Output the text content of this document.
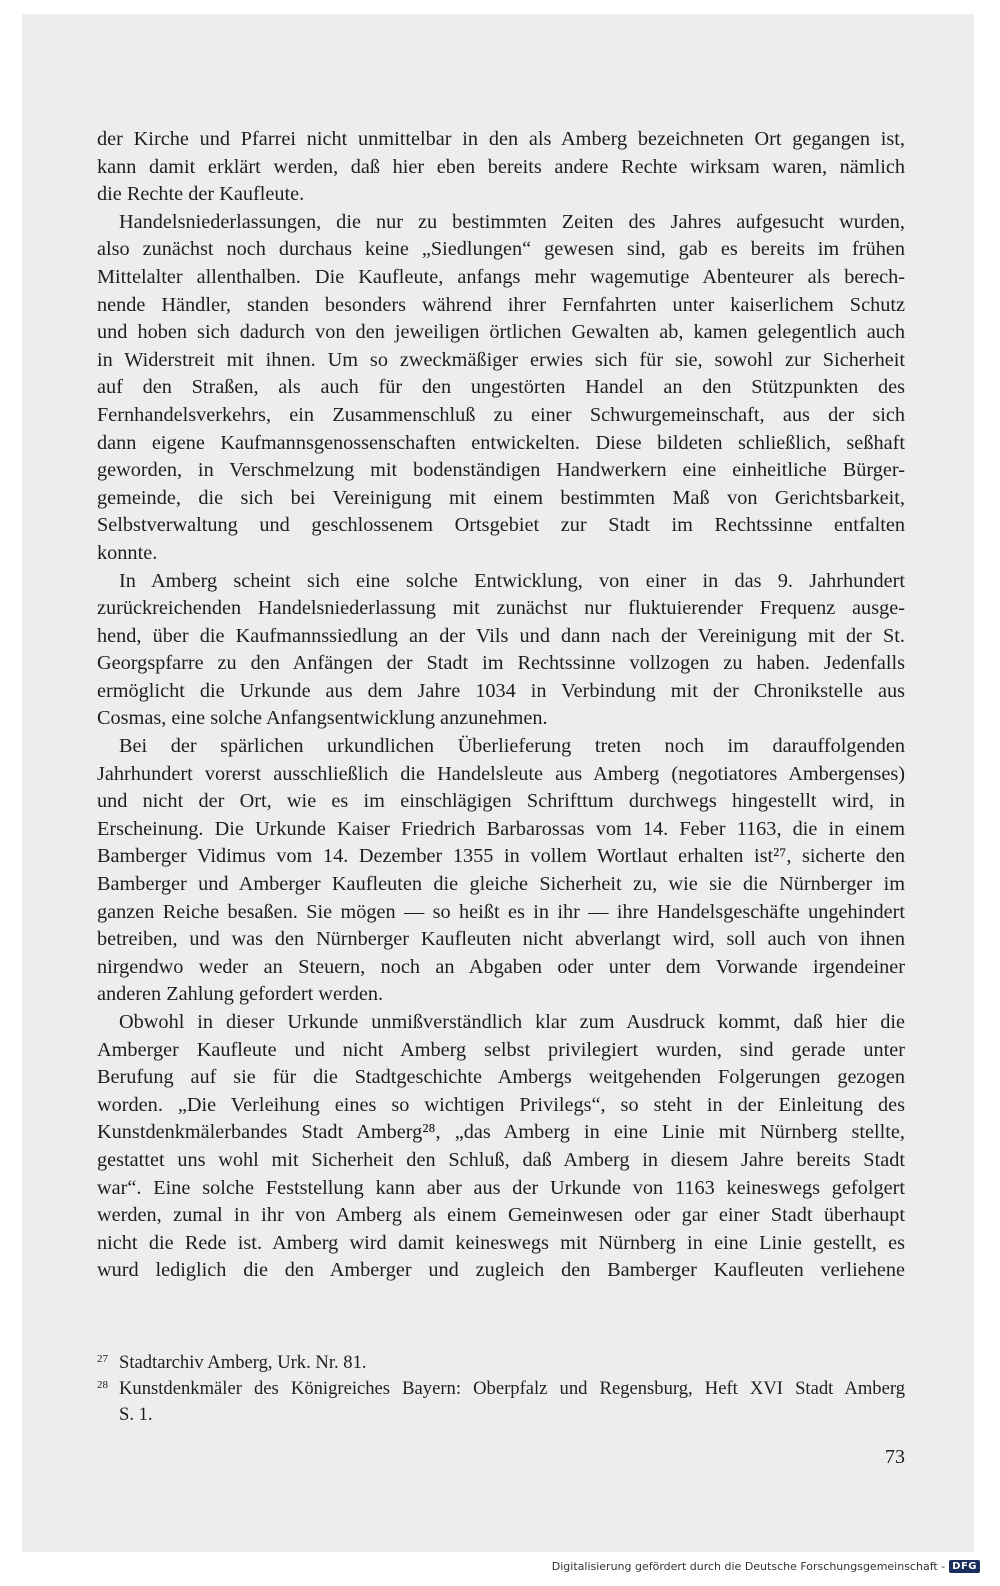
der Kirche und Pfarrei nicht unmittelbar in den als Amberg bezeichneten Ort gegangen ist,
kann damit erklärt werden, daß hier eben bereits andere Rechte wirksam waren, nämlich
die Rechte der Kaufleute.
Handelsniederlassungen, die nur zu bestimmten Zeiten des Jahres aufgesucht wurden,
also zunächst noch durchaus keine „Siedlungen“ gewesen sind, gab es bereits im frühen
Mittelalter allenthalben. Die Kaufleute, anfangs mehr wagemutige Abenteurer als berech-
nende Händler, standen besonders während ihrer Fernfahrten unter kaiserlichem Schutz
und hoben sich dadurch von den jeweiligen örtlichen Gewalten ab, kamen gelegentlich auch
in Widerstreit mit ihnen. Um so zweckmäßiger erwies sich für sie, sowohl zur Sicherheit
auf den Straßen, als auch für den ungestörten Handel an den Stützpunkten des
Fernhandelsverkehrs, ein Zusammenschluß zu einer Schwurgemeinschaft, aus der sich
dann eigene Kaufmannsgenossenschaften entwickelten. Diese bildeten schließlich, seßhaft
geworden, in Verschmelzung mit bodenständigen Handwerkern eine einheitliche Bürger-
gemeinde, die sich bei Vereinigung mit einem bestimmten Maß von Gerichtsbarkeit,
Selbstverwaltung und geschlossenem Ortsgebiet zur Stadt im Rechtssinne entfalten
konnte.
In Amberg scheint sich eine solche Entwicklung, von einer in das 9. Jahrhundert
zurückreichenden Handelsniederlassung mit zunächst nur fluktuierender Frequenz ausge-
hend, über die Kaufmannssiedlung an der Vils und dann nach der Vereinigung mit der St.
Georgspfarre zu den Anfängen der Stadt im Rechtssinne vollzogen zu haben. Jedenfalls
ermöglicht die Urkunde aus dem Jahre 1034 in Verbindung mit der Chronikstelle aus
Cosmas, eine solche Anfangsentwicklung anzunehmen.
Bei der spärlichen urkundlichen Überlieferung treten noch im darauffolgenden
Jahrhundert vorerst ausschließlich die Handelsleute aus Amberg (negotiatores Ambergenses)
und nicht der Ort, wie es im einschlägigen Schrifttum durchwegs hingestellt wird, in
Erscheinung. Die Urkunde Kaiser Friedrich Barbarossas vom 14. Feber 1163, die in einem
Bamberger Vidimus vom 14. Dezember 1355 in vollem Wortlaut erhalten ist²⁷, sicherte den
Bamberger und Amberger Kaufleuten die gleiche Sicherheit zu, wie sie die Nürnberger im
ganzen Reiche besaßen. Sie mögen — so heißt es in ihr — ihre Handelsgeschäfte ungehindert
betreiben, und was den Nürnberger Kaufleuten nicht abverlangt wird, soll auch von ihnen
nirgendwo weder an Steuern, noch an Abgaben oder unter dem Vorwande irgendeiner
anderen Zahlung gefordert werden.
Obwohl in dieser Urkunde unmißverständlich klar zum Ausdruck kommt, daß hier die
Amberger Kaufleute und nicht Amberg selbst privilegiert wurden, sind gerade unter
Berufung auf sie für die Stadtgeschichte Ambergs weitgehenden Folgerungen gezogen
worden. „Die Verleihung eines so wichtigen Privilegs“, so steht in der Einleitung des
Kunstdenkmälerbandes Stadt Amberg²⁸, „das Amberg in eine Linie mit Nürnberg stellte,
gestattet uns wohl mit Sicherheit den Schluß, daß Amberg in diesem Jahre bereits Stadt
war“. Eine solche Feststellung kann aber aus der Urkunde von 1163 keineswegs gefolgert
werden, zumal in ihr von Amberg als einem Gemeinwesen oder gar einer Stadt überhaupt
nicht die Rede ist. Amberg wird damit keineswegs mit Nürnberg in eine Linie gestellt, es
wurd lediglich die den Amberger und zugleich den Bamberger Kaufleuten verliehene
27 Stadtarchiv Amberg, Urk. Nr. 81.
28 Kunstdenkmäler des Königreiches Bayern: Oberpfalz und Regensburg, Heft XVI Stadt Amberg
S. 1.
73
Digitalisierung gefördert durch die Deutsche Forschungsgemeinschaft - DFG
